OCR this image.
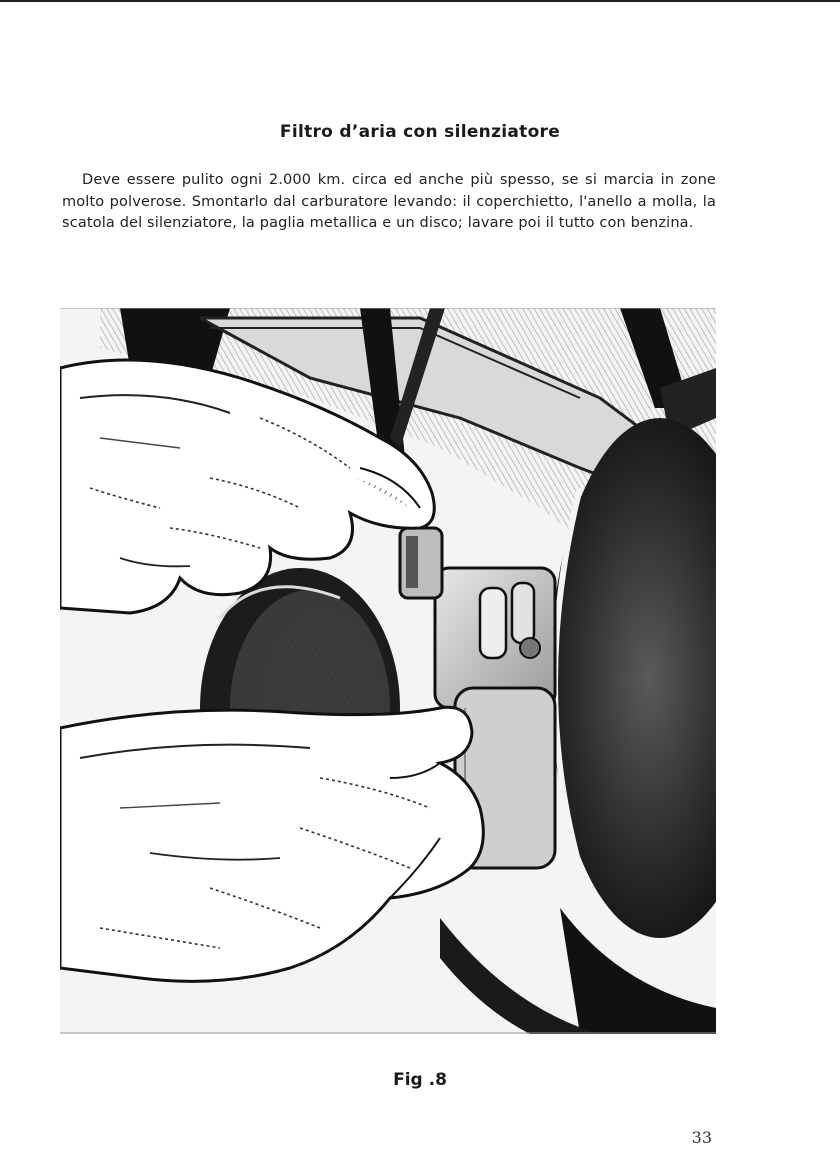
Filtro d’aria con silenziatore

Deve essere pulito ogni 2.000 km. circa ed anche più spesso, se si marcia in zone molto polverose. Smontarlo dal carburatore levando: il coperchietto, l'anello a molla, la scatola del silenziatore, la paglia metallica e un disco; lavare poi il tutto con benzina.

Fig .8
33
